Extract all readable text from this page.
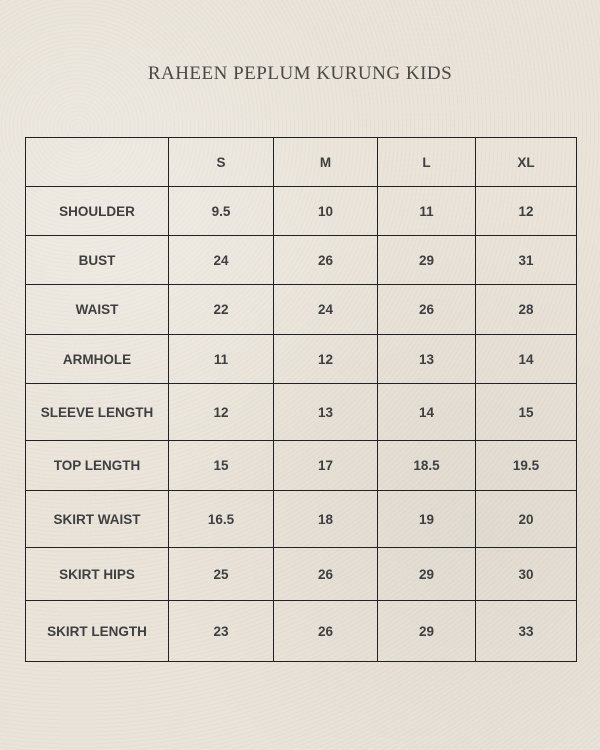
RAHEEN PEPLUM KURUNG KIDS
	S	M	L	XL
SHOULDER	9.5	10	11	12
BUST	24	26	29	31
WAIST	22	24	26	28
ARMHOLE	11	12	13	14
SLEEVE LENGTH	12	13	14	15
TOP LENGTH	15	17	18.5	19.5
SKIRT WAIST	16.5	18	19	20
SKIRT HIPS	25	26	29	30
SKIRT LENGTH	23	26	29	33
